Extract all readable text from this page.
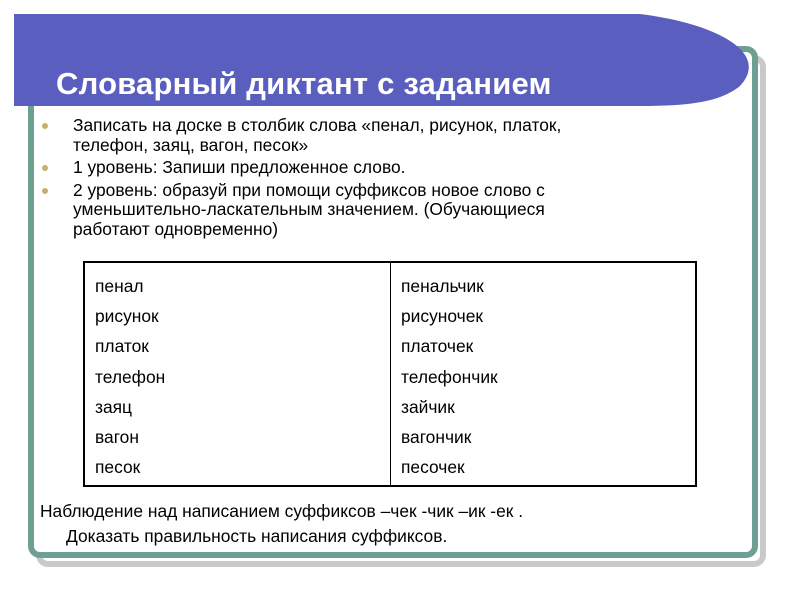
Словарный диктант с заданием
Записать на доске в столбик слова «пенал, рисунок, платок,
телефон, заяц, вагон, песок»
1 уровень: Запиши предложенное слово.
2 уровень: образуй при помощи суффиксов новое слово с
уменьшительно-ласкательным значением. (Обучающиеся
работают одновременно)
пенал
рисунок
платок
телефон
заяц
вагон
песок
пенальчик
рисуночек
платочек
телефончик
зайчик
вагончик
песочек
Наблюдение над написанием суффиксов –чек -чик –ик -ек .
Доказать правильность написания суффиксов.
